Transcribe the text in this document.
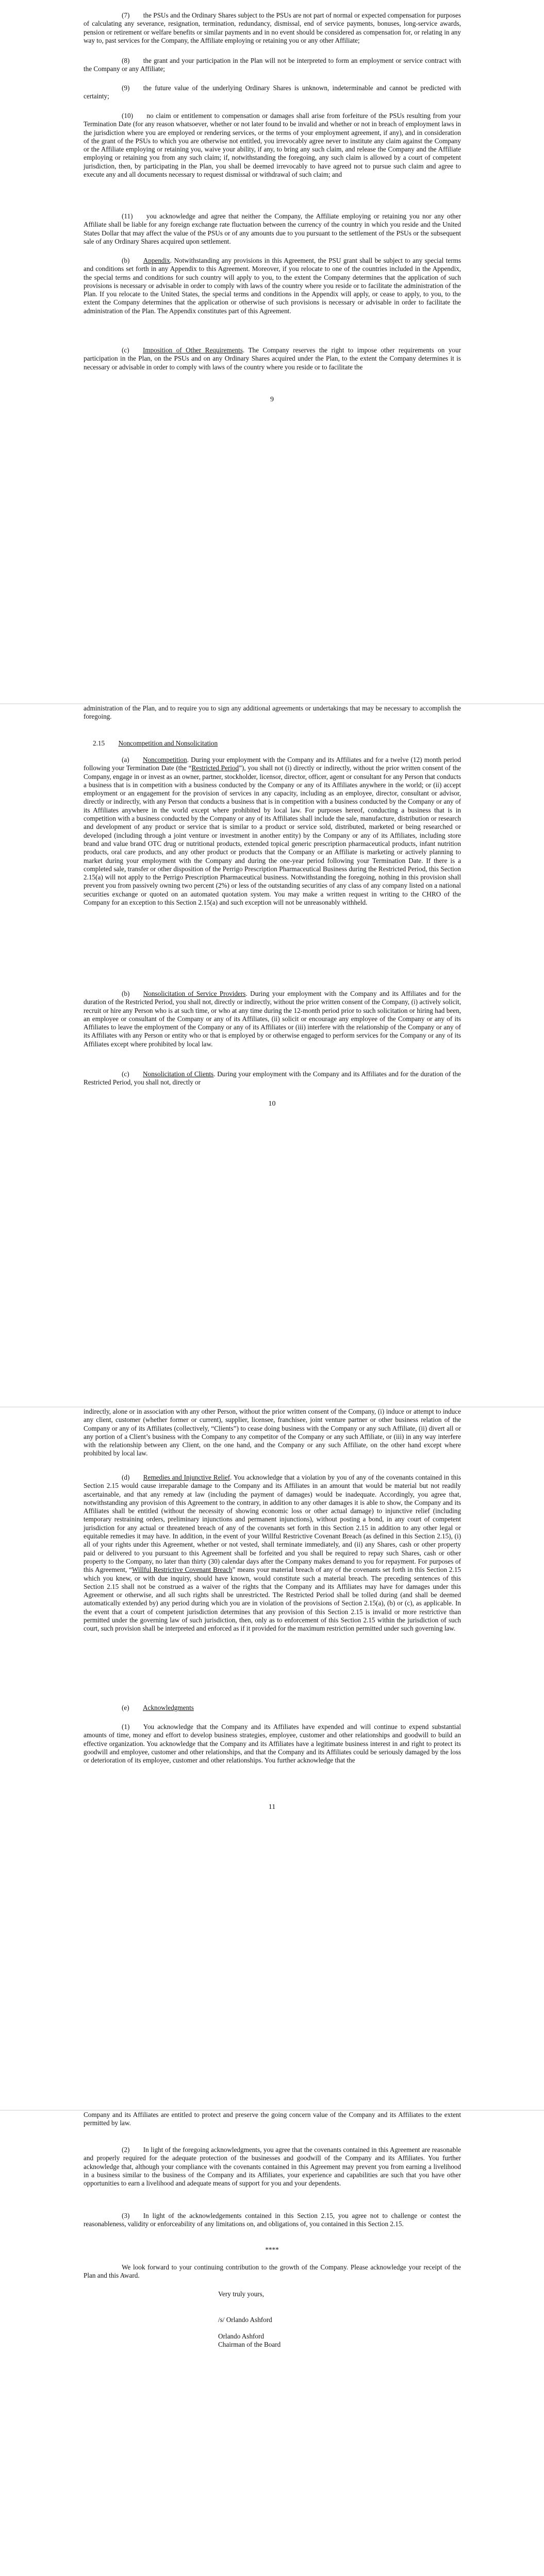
(7)  the PSUs and the Ordinary Shares subject to the PSUs are not part of normal or expected compensation for purposes of calculating any severance, resignation, termination, redundancy, dismissal, end of service payments, bonuses, long-service awards, pension or retirement or welfare benefits or similar payments and in no event should be considered as compensation for, or relating in any way to, past services for the Company, the Affiliate employing or retaining you or any other Affiliate;

(8)  the grant and your participation in the Plan will not be interpreted to form an employment or service contract with the Company or any Affiliate;

(9)  the future value of the underlying Ordinary Shares is unknown, indeterminable and cannot be predicted with certainty;

(10)  no claim or entitlement to compensation or damages shall arise from forfeiture of the PSUs resulting from your Termination Date (for any reason whatsoever, whether or not later found to be invalid and whether or not in breach of employment laws in the jurisdiction where you are employed or rendering services, or the terms of your employment agreement, if any), and in consideration of the grant of the PSUs to which you are otherwise not entitled, you irrevocably agree never to institute any claim against the Company or the Affiliate employing or retaining you, waive your ability, if any, to bring any such claim, and release the Company and the Affiliate employing or retaining you from any such claim; if, notwithstanding the foregoing, any such claim is allowed by a court of competent jurisdiction, then, by participating in the Plan, you shall be deemed irrevocably to have agreed not to pursue such claim and agree to execute any and all documents necessary to request dismissal or withdrawal of such claim; and

(11)  you acknowledge and agree that neither the Company, the Affiliate employing or retaining you nor any other Affiliate shall be liable for any foreign exchange rate fluctuation between the currency of the country in which you reside and the United States Dollar that may affect the value of the PSUs or of any amounts due to you pursuant to the settlement of the PSUs or the subsequent sale of any Ordinary Shares acquired upon settlement.

(b)   Appendix. Notwithstanding any provisions in this Agreement, the PSU grant shall be subject to any special terms and conditions set forth in any Appendix to this Agreement. Moreover, if you relocate to one of the countries included in the Appendix, the special terms and conditions for such country will apply to you, to the extent the Company determines that the application of such provisions is necessary or advisable in order to comply with laws of the country where you reside or to facilitate the administration of the Plan. If you relocate to the United States, the special terms and conditions in the Appendix will apply, or cease to apply, to you, to the extent the Company determines that the application or otherwise of such provisions is necessary or advisable in order to facilitate the administration of the Plan. The Appendix constitutes part of this Agreement.

(c)   Imposition of Other Requirements. The Company reserves the right to impose other requirements on your participation in the Plan, on the PSUs and on any Ordinary Shares acquired under the Plan, to the extent the Company determines it is necessary or advisable in order to comply with laws of the country where you reside or to facilitate the

9

administration of the Plan, and to require you to sign any additional agreements or undertakings that may be necessary to accomplish the foregoing.

2.15   Noncompetition and Nonsolicitation

(a)   Noncompetition. During your employment with the Company and its Affiliates and for a twelve (12) month period following your Termination Date (the “Restricted Period”), you shall not (i) directly or indirectly, without the prior written consent of the Company, engage in or invest as an owner, partner, stockholder, licensor, director, officer, agent or consultant for any Person that conducts a business that is in competition with a business conducted by the Company or any of its Affiliates anywhere in the world; or (ii) accept employment or an engagement for the provision of services in any capacity, including as an employee, director, consultant or advisor, directly or indirectly, with any Person that conducts a business that is in competition with a business conducted by the Company or any of its Affiliates anywhere in the world except where prohibited by local law. For purposes hereof, conducting a business that is in competition with a business conducted by the Company or any of its Affiliates shall include the sale, manufacture, distribution or research and development of any product or service that is similar to a product or service sold, distributed, marketed or being researched or developed (including through a joint venture or investment in another entity) by the Company or any of its Affiliates, including store brand and value brand OTC drug or nutritional products, extended topical generic prescription pharmaceutical products, infant nutrition products, oral care products, and any other product or products that the Company or an Affiliate is marketing or actively planning to market during your employment with the Company and during the one-year period following your Termination Date. If there is a completed sale, transfer or other disposition of the Perrigo Prescription Pharmaceutical Business during the Restricted Period, this Section 2.15(a) will not apply to the Perrigo Prescription Pharmaceutical business. Notwithstanding the foregoing, nothing in this provision shall prevent you from passively owning two percent (2%) or less of the outstanding securities of any class of any company listed on a national securities exchange or quoted on an automated quotation system. You may make a written request in writing to the CHRO of the Company for an exception to this Section 2.15(a) and such exception will not be unreasonably withheld.

(b)   Nonsolicitation of Service Providers. During your employment with the Company and its Affiliates and for the duration of the Restricted Period, you shall not, directly or indirectly, without the prior written consent of the Company, (i) actively solicit, recruit or hire any Person who is at such time, or who at any time during the 12-month period prior to such solicitation or hiring had been, an employee or consultant of the Company or any of its Affiliates, (ii) solicit or encourage any employee of the Company or any of its Affiliates to leave the employment of the Company or any of its Affiliates or (iii) interfere with the relationship of the Company or any of its Affiliates with any Person or entity who or that is employed by or otherwise engaged to perform services for the Company or any of its Affiliates except where prohibited by local law.

(c)   Nonsolicitation of Clients. During your employment with the Company and its Affiliates and for the duration of the Restricted Period, you shall not, directly or

10

indirectly, alone or in association with any other Person, without the prior written consent of the Company, (i) induce or attempt to induce any client, customer (whether former or current), supplier, licensee, franchisee, joint venture partner or other business relation of the Company or any of its Affiliates (collectively, “Clients”) to cease doing business with the Company or any such Affiliate, (ii) divert all or any portion of a Client’s business with the Company to any competitor of the Company or any such Affiliate, or (iii) in any way interfere with the relationship between any Client, on the one hand, and the Company or any such Affiliate, on the other hand except where prohibited by local law.

(d)   Remedies and Injunctive Relief. You acknowledge that a violation by you of any of the covenants contained in this Section 2.15 would cause irreparable damage to the Company and its Affiliates in an amount that would be material but not readily ascertainable, and that any remedy at law (including the payment of damages) would be inadequate. Accordingly, you agree that, notwithstanding any provision of this Agreement to the contrary, in addition to any other damages it is able to show, the Company and its Affiliates shall be entitled (without the necessity of showing economic loss or other actual damage) to injunctive relief (including temporary restraining orders, preliminary injunctions and permanent injunctions), without posting a bond, in any court of competent jurisdiction for any actual or threatened breach of any of the covenants set forth in this Section 2.15 in addition to any other legal or equitable remedies it may have. In addition, in the event of your Willful Restrictive Covenant Breach (as defined in this Section 2.15), (i) all of your rights under this Agreement, whether or not vested, shall terminate immediately, and (ii) any Shares, cash or other property paid or delivered to you pursuant to this Agreement shall be forfeited and you shall be required to repay such Shares, cash or other property to the Company, no later than thirty (30) calendar days after the Company makes demand to you for repayment. For purposes of this Agreement, “Willful Restrictive Covenant Breach” means your material breach of any of the covenants set forth in this Section 2.15 which you knew, or with due inquiry, should have known, would constitute such a material breach. The preceding sentences of this Section 2.15 shall not be construed as a waiver of the rights that the Company and its Affiliates may have for damages under this Agreement or otherwise, and all such rights shall be unrestricted. The Restricted Period shall be tolled during (and shall be deemed automatically extended by) any period during which you are in violation of the provisions of Section 2.15(a), (b) or (c), as applicable. In the event that a court of competent jurisdiction determines that any provision of this Section 2.15 is invalid or more restrictive than permitted under the governing law of such jurisdiction, then, only as to enforcement of this Section 2.15 within the jurisdiction of such court, such provision shall be interpreted and enforced as if it provided for the maximum restriction permitted under such governing law.

(e)   Acknowledgments

(1)  You acknowledge that the Company and its Affiliates have expended and will continue to expend substantial amounts of time, money and effort to develop business strategies, employee, customer and other relationships and goodwill to build an effective organization. You acknowledge that the Company and its Affiliates have a legitimate business interest in and right to protect its goodwill and employee, customer and other relationships, and that the Company and its Affiliates could be seriously damaged by the loss or deterioration of its employee, customer and other relationships. You further acknowledge that the

11

Company and its Affiliates are entitled to protect and preserve the going concern value of the Company and its Affiliates to the extent permitted by law.

(2)  In light of the foregoing acknowledgments, you agree that the covenants contained in this Agreement are reasonable and properly required for the adequate protection of the businesses and goodwill of the Company and its Affiliates. You further acknowledge that, although your compliance with the covenants contained in this Agreement may prevent you from earning a livelihood in a business similar to the business of the Company and its Affiliates, your experience and capabilities are such that you have other opportunities to earn a livelihood and adequate means of support for you and your dependents.

(3)  In light of the acknowledgements contained in this Section 2.15, you agree not to challenge or contest the reasonableness, validity or enforceability of any limitations on, and obligations of, you contained in this Section 2.15.

****

We look forward to your continuing contribution to the growth of the Company. Please acknowledge your receipt of the Plan and this Award.

Very truly yours,
/s/ Orlando Ashford
Orlando Ashford
Chairman of the Board
